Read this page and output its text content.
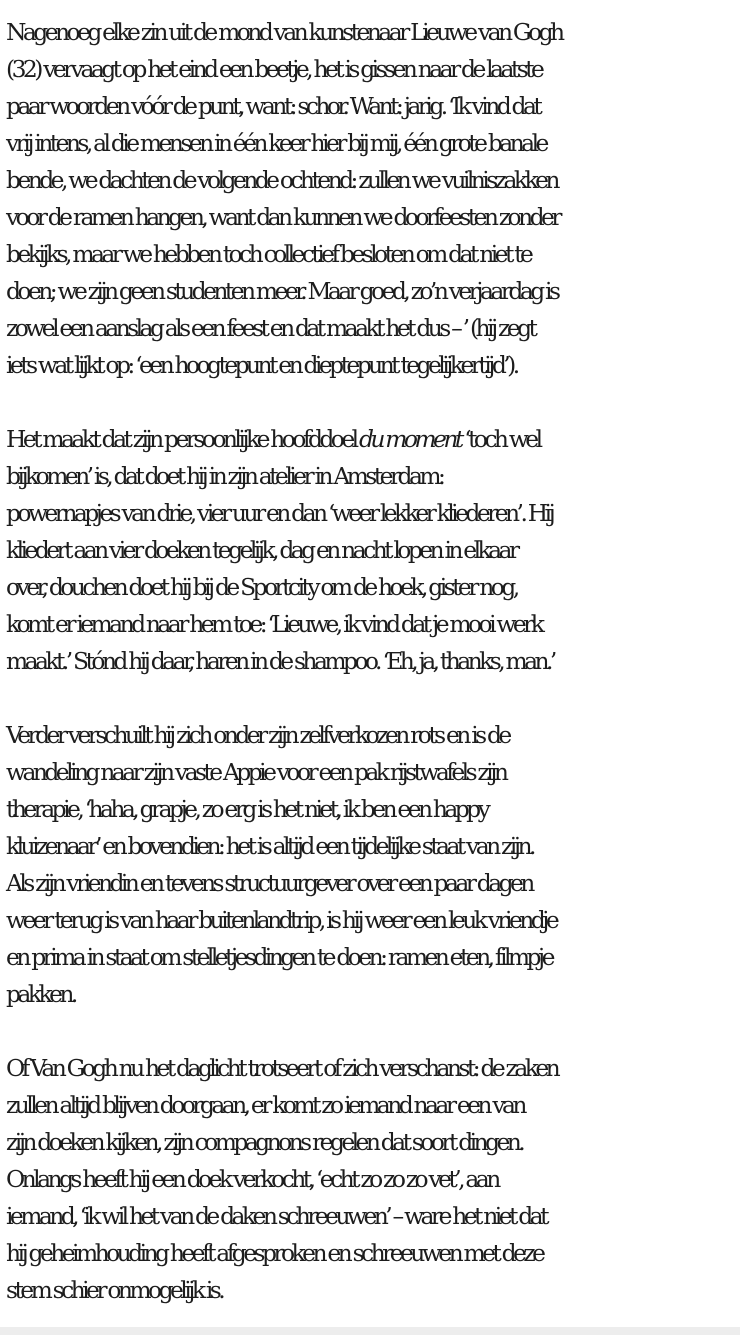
Nagenoeg elke zin uit de mond van kunstenaar Lieuwe van Gogh
(32) vervaagt op het eind een beetje, het is gissen naar de laatste
paar woorden vóór de punt, want: schor. Want: jarig. ‘Ik vind dat
vrij intens, al die mensen in één keer hier bij mij, één grote banale
bende, we dachten de volgende ochtend: zullen we vuilniszakken
voor de ramen hangen, want dan kunnen we doorfeesten zonder
bekijks, maar we hebben toch collectief besloten om dat niet te
doen; we zijn geen studenten meer. Maar goed, zo’n verjaardag is
zowel een aanslag als een feest en dat maakt het dus – ’ (hij zegt
iets wat lijkt op: ‘een hoogtepunt en dieptepunt tegelijkertijd’).

Het maakt dat zijn persoonlijke hoofddoel du moment ‘toch wel
bijkomen’ is, dat doet hij in zijn atelier in Amsterdam:
powernapjes van drie, vier uur en dan ‘weer lekker kliederen’. Hij
kliedert aan vier doeken tegelijk, dag en nacht lopen in elkaar
over, douchen doet hij bij de Sportcity om de hoek, gister nog,
komt er iemand naar hem toe: ‘Lieuwe, ik vind dat je mooi werk
maakt.’ Stónd hij daar, haren in de shampoo. ‘Eh, ja, thanks, man.’

Verder verschuilt hij zich onder zijn zelfverkozen rots en is de
wandeling naar zijn vaste Appie voor een pak rijstwafels zijn
therapie, ‘haha, grapje, zo erg is het niet, ik ben een happy
kluizenaar’ en bovendien: het is altijd een tijdelijke staat van zijn.
Als zijn vriendin en tevens structuurgever over een paar dagen
weer terug is van haar buitenlandtrip, is hij weer een leuk vriendje
en prima in staat om stelletjesdingen te doen: ramen eten, filmpje
pakken.

Of Van Gogh nu het daglicht trotseert of zich verschanst: de zaken
zullen altijd blijven doorgaan, er komt zo iemand naar een van
zijn doeken kijken, zijn compagnons regelen dat soort dingen.
Onlangs heeft hij een doek verkocht, ‘echt zo zo zo vet’, aan
iemand, ‘ik wil het van de daken schreeuwen’ – ware het niet dat
hij geheimhouding heeft afgesproken en schreeuwen met deze
stem schier onmogelijk is.
